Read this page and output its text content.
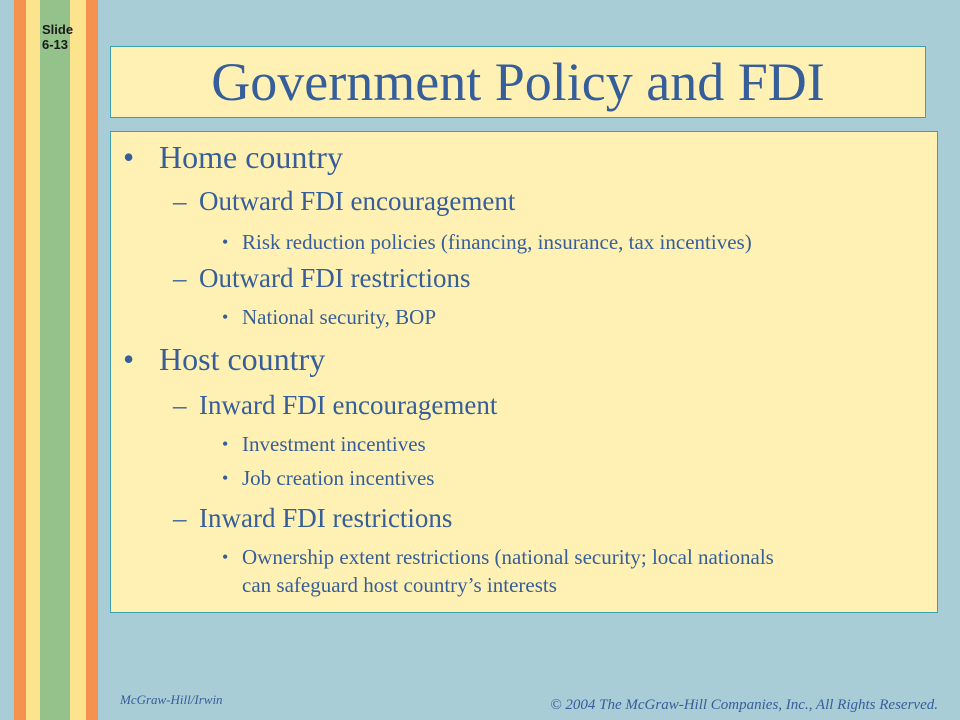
Slide
6-13
Government Policy and FDI
• Home country
– Outward FDI encouragement
• Risk reduction policies (financing, insurance, tax incentives)
– Outward FDI restrictions
• National security, BOP
• Host country
– Inward FDI encouragement
• Investment incentives
• Job creation incentives
– Inward FDI restrictions
• Ownership extent restrictions (national security; local nationals
can safeguard host country’s interests
McGraw-Hill/Irwin	© 2004 The McGraw-Hill Companies, Inc., All Rights Reserved.
